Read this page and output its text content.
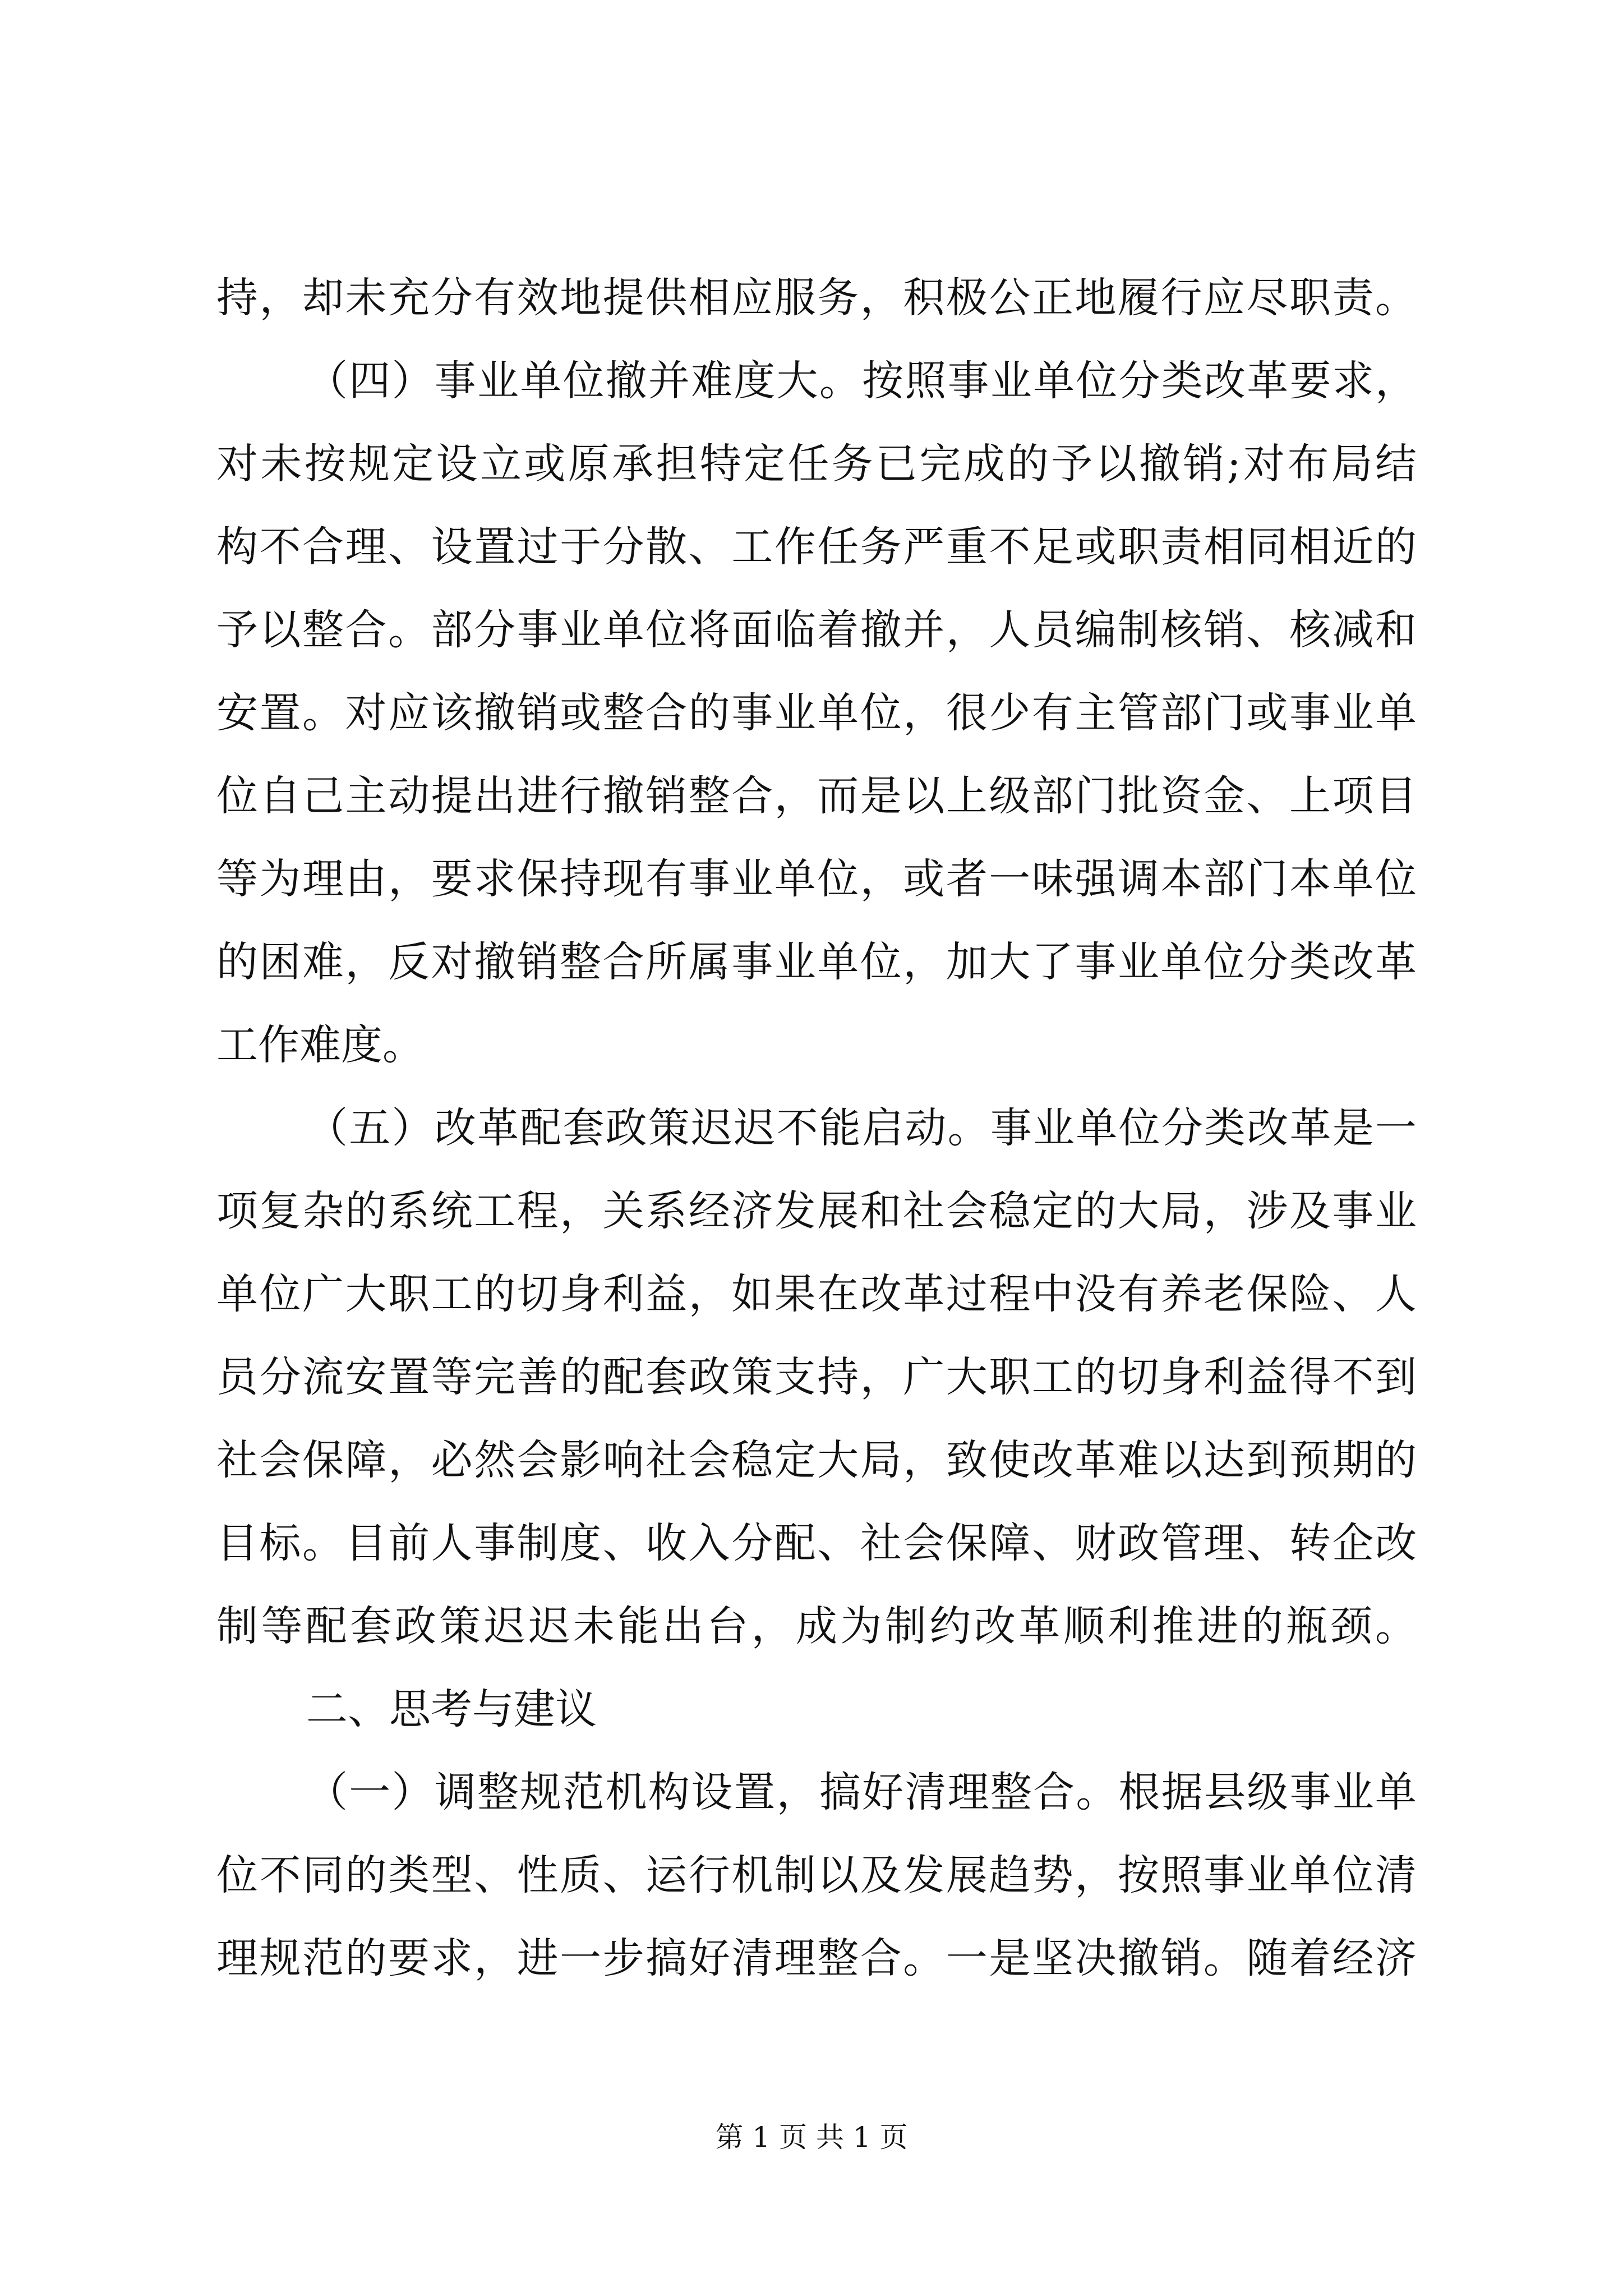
持，却未充分有效地提供相应服务，积极公正地履行应尽职责。
（四）事业单位撤并难度大。按照事业单位分类改革要求，
对未按规定设立或原承担特定任务已完成的予以撤销;对布局结
构不合理、设置过于分散、工作任务严重不足或职责相同相近的
予以整合。部分事业单位将面临着撤并，人员编制核销、核减和
安置。对应该撤销或整合的事业单位，很少有主管部门或事业单
位自己主动提出进行撤销整合，而是以上级部门批资金、上项目
等为理由，要求保持现有事业单位，或者一味强调本部门本单位
的困难，反对撤销整合所属事业单位，加大了事业单位分类改革
工作难度。
（五）改革配套政策迟迟不能启动。事业单位分类改革是一
项复杂的系统工程，关系经济发展和社会稳定的大局，涉及事业
单位广大职工的切身利益，如果在改革过程中没有养老保险、人
员分流安置等完善的配套政策支持，广大职工的切身利益得不到
社会保障，必然会影响社会稳定大局，致使改革难以达到预期的
目标。目前人事制度、收入分配、社会保障、财政管理、转企改
制等配套政策迟迟未能出台，成为制约改革顺利推进的瓶颈。
二、思考与建议
（一）调整规范机构设置，搞好清理整合。根据县级事业单
位不同的类型、性质、运行机制以及发展趋势，按照事业单位清
理规范的要求，进一步搞好清理整合。一是坚决撤销。随着经济
第 1 页 共 1 页
